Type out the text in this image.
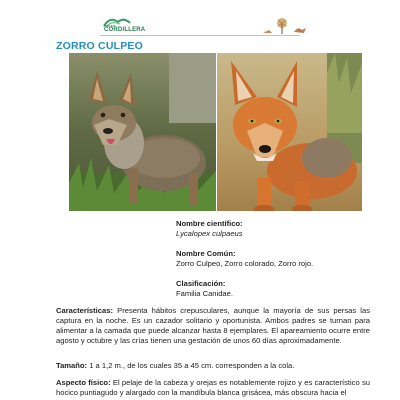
Parque
CORDILLERA
ZORRO CULPEO
Nombre científico:
Lycalopex culpaeus
Nombre Común:
Zorro Culpeo, Zorro colorado, Zorro rojo.
Clasificación:
Familia Canidae.

Características: Presenta hábitos crepusculares, aunque la mayoría de sus persas las captura en la noche. Es un cazador solitario y oportunista. Ambos padres se turnan para alimentar a la camada que puede alcanzar hasta 8 ejemplares. El apareamiento ocurre entre agosto y octubre y las crías tienen una gestación de unos 60 días aproximadamente.

Tamaño: 1 a 1,2 m., de los cuales 35 a 45 cm. corresponden a la cola.

Aspecto físico: El pelaje de la cabeza y orejas es notablemente rojizo y es característico su hocico puntiagudo y alargado con la mandíbula blanca grisácea, más obscura hacia el
